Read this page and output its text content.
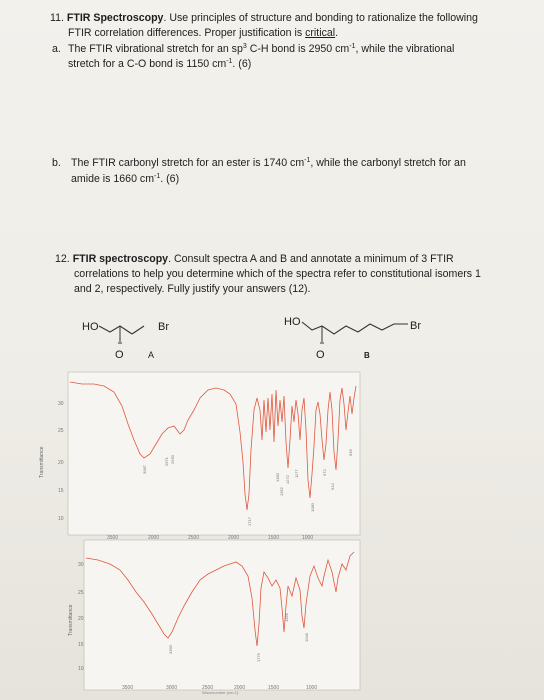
11. FTIR Spectroscopy. Use principles of structure and bonding to rationalize the following
FTIR correlation differences. Proper justification is critical.
a. The FTIR vibrational stretch for an $sp^3$ C-H bond is 2950 $cm^{-1}$, while the vibrational
stretch for a C-O bond is 1150 $cm^{-1}$. (6)
b. The FTIR carbonyl stretch for an ester is 1740 $cm^{-1}$, while the carbonyl stretch for an
amide is 1660 $cm^{-1}$. (6)
12. FTIR spectroscopy. Consult spectra A and B and annotate a minimum of 3 FTIR
correlations to help you determine which of the spectra refer to constitutional isomers 1
and 2, respectively. Fully justify your answers (12).
HO
O
Br
A
HO
O
Br
B
Transmittance
30
25
20
15
10
3500	2000	2500	2000	1500	1000
3087
2971 2930
1717
1383
1352
1272
1177
1080
972
914
636
Transmittance
30
25
20
15
10
3500	3000	2500	2000	1500	1000
Wavenumber (cm-1)
3360
1775
1355
1046
